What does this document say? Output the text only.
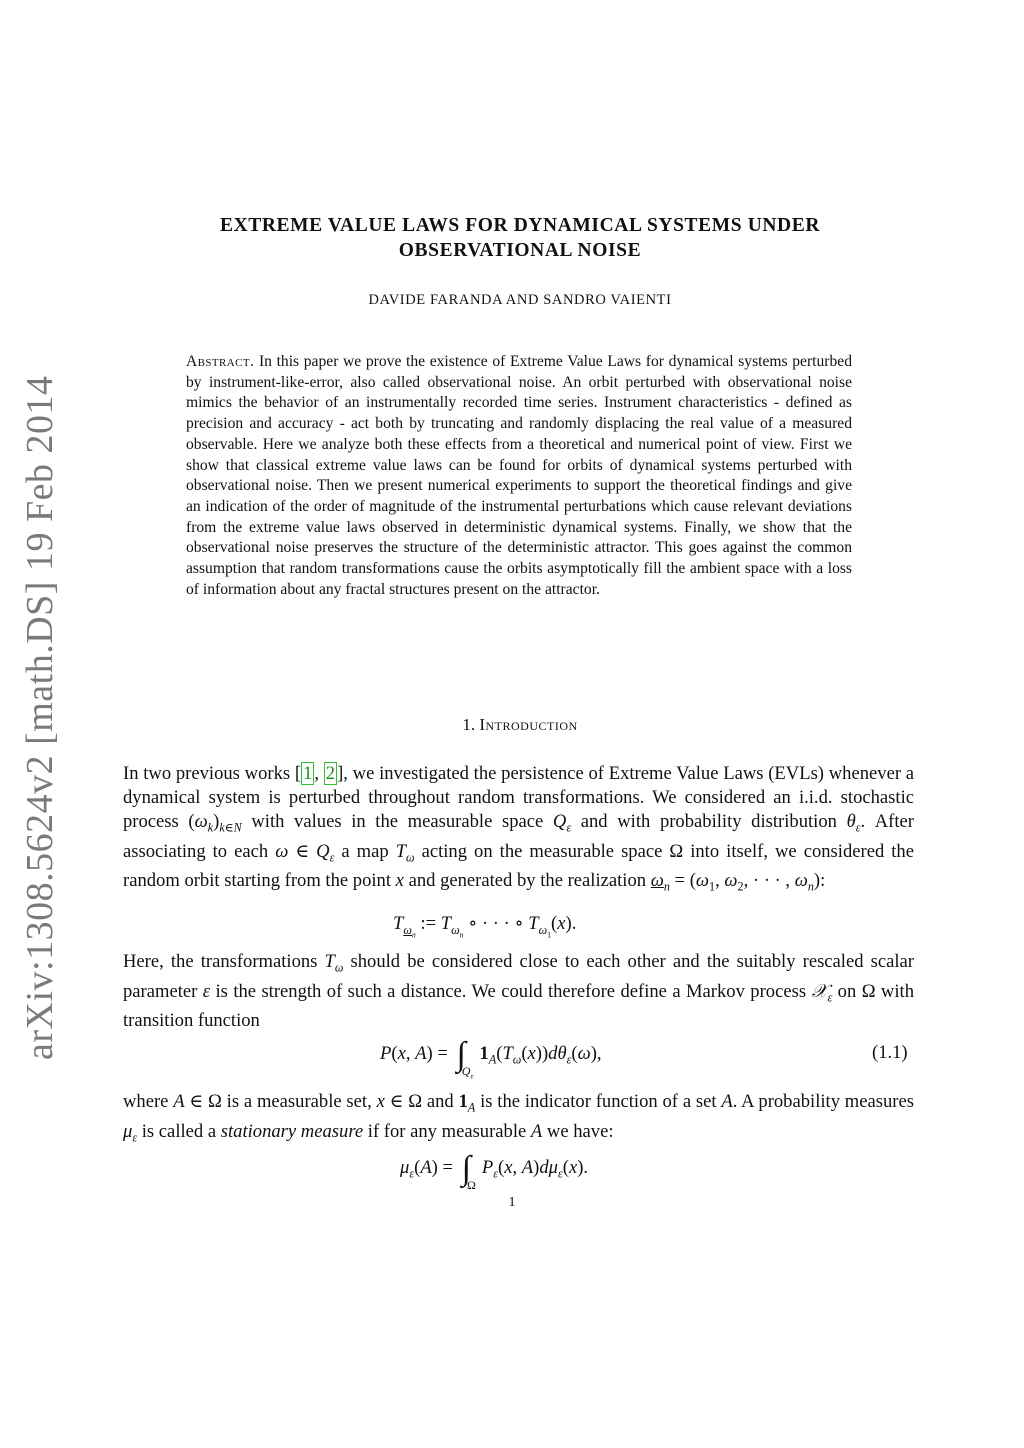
arXiv:1308.5624v2 [math.DS] 19 Feb 2014
EXTREME VALUE LAWS FOR DYNAMICAL SYSTEMS UNDER
OBSERVATIONAL NOISE
DAVIDE FARANDA AND SANDRO VAIENTI
Abstract. In this paper we prove the existence of Extreme Value Laws for dynamical systems perturbed by instrument-like-error, also called observational noise. An orbit perturbed with observational noise mimics the behavior of an instrumentally recorded time series. Instrument characteristics - defined as precision and accuracy - act both by truncating and randomly displacing the real value of a measured observable. Here we analyze both these effects from a theoretical and numerical point of view. First we show that classical extreme value laws can be found for orbits of dynamical systems perturbed with observational noise. Then we present numerical experiments to support the theoretical findings and give an indication of the order of magnitude of the instrumental perturbations which cause relevant deviations from the extreme value laws observed in deterministic dynamical systems. Finally, we show that the observational noise preserves the structure of the deterministic attractor. This goes against the common assumption that random transformations cause the orbits asymptotically fill the ambient space with a loss of information about any fractal structures present on the attractor.
1. Introduction
In two previous works [ 1 , 2 ], we investigated the persistence of Extreme Value Laws (EVLs) whenever a dynamical system is perturbed throughout random transformations. We considered an i.i.d. stochastic process $(\omega_k)_{k\in N}$ with values in the measurable space $Q_\varepsilon$ and with probability distribution $\theta_\varepsilon$. After associating to each ω ∈ $Q_\varepsilon$ a map $T_\omega$ acting on the measurable space Ω into itself, we considered the random orbit starting from the point x and generated by the realization $\omega_n = (\omega_1$, $\omega_2$, · · · , $\omega_n$):
$T_{\omega_n}$ := $T_{\omega_n}$ ∘ · · · ∘ $T_{\omega_1}(x)$.
Here, the transformations $T_\omega$ should be considered close to each other and the suitably rescaled scalar parameter ε is the strength of such a distance. We could therefore define a Markov process 𝒳$_\varepsilon$ on Ω with transition function
P(x, $A) = \int_{Q_\varepsilon}1_A(T_\omega(x))d\theta_\varepsilon(\omega)$,	(1.1)
where A ∈ Ω is a measurable set, x ∈ Ω and $1_A$ is the indicator function of a set A. A probability measures $\mu_\varepsilon$ is called a stationary measure if for any measurable A we have:
$\mu_\varepsilon(A) = \int_\Omega P_\varepsilon(x$, $A)d\mu_\varepsilon(x)$.
1
